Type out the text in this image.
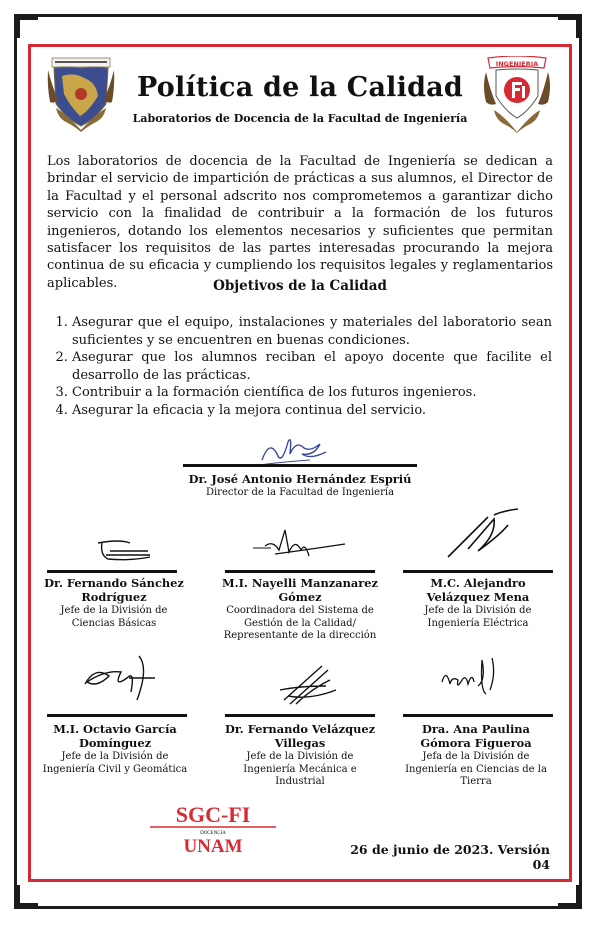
INGENIERIA
Política de la Calidad
Laboratorios de Docencia de la Facultad de Ingeniería
Los laboratorios de docencia de la Facultad de Ingeniería se dedican a brindar el servicio de impartición de prácticas a sus alumnos, el Director de la Facultad y el personal adscrito nos comprometemos a garantizar dicho servicio con la finalidad de contribuir a la formación de los futuros ingenieros, dotando los elementos necesarios y suficientes que permitan satisfacer los requisitos de las partes interesadas procurando la mejora continua de su eficacia y cumpliendo los requisitos legales y reglamentarios aplicables.	Objetivos de la Calidad
1. Asegurar que el equipo, instalaciones y materiales del laboratorio sean suficientes y se encuentren en buenas condiciones.
2. Asegurar que los alumnos reciban el apoyo docente que facilite el desarrollo de las prácticas.
3. Contribuir a la formación científica de los futuros ingenieros.
4. Asegurar la eficacia y la mejora continua del servicio.
Dr. José Antonio Hernández Espriú
Director de la Facultad de Ingeniería
Dr. Fernando Sánchez Rodríguez
Jefe de la División de Ciencias Básicas
M.I. Nayelli Manzanarez Gómez
Coordinadora del Sistema de Gestión de la Calidad/ Representante de la dirección
M.C. Alejandro Velázquez Mena
Jefe de la División de Ingeniería Eléctrica
M.I. Octavio García Domínguez
Jefe de la División de Ingeniería Civil y Geomática
Dr. Fernando Velázquez Villegas
Jefe de la División de Ingeniería Mecánica e Industrial
Dra. Ana Paulina Gómora Figueroa
Jefa de la División de Ingeniería en Ciencias de la Tierra
SGC-FI
DOCENCIA
UNAM	26 de junio de 2023. Versión 04
